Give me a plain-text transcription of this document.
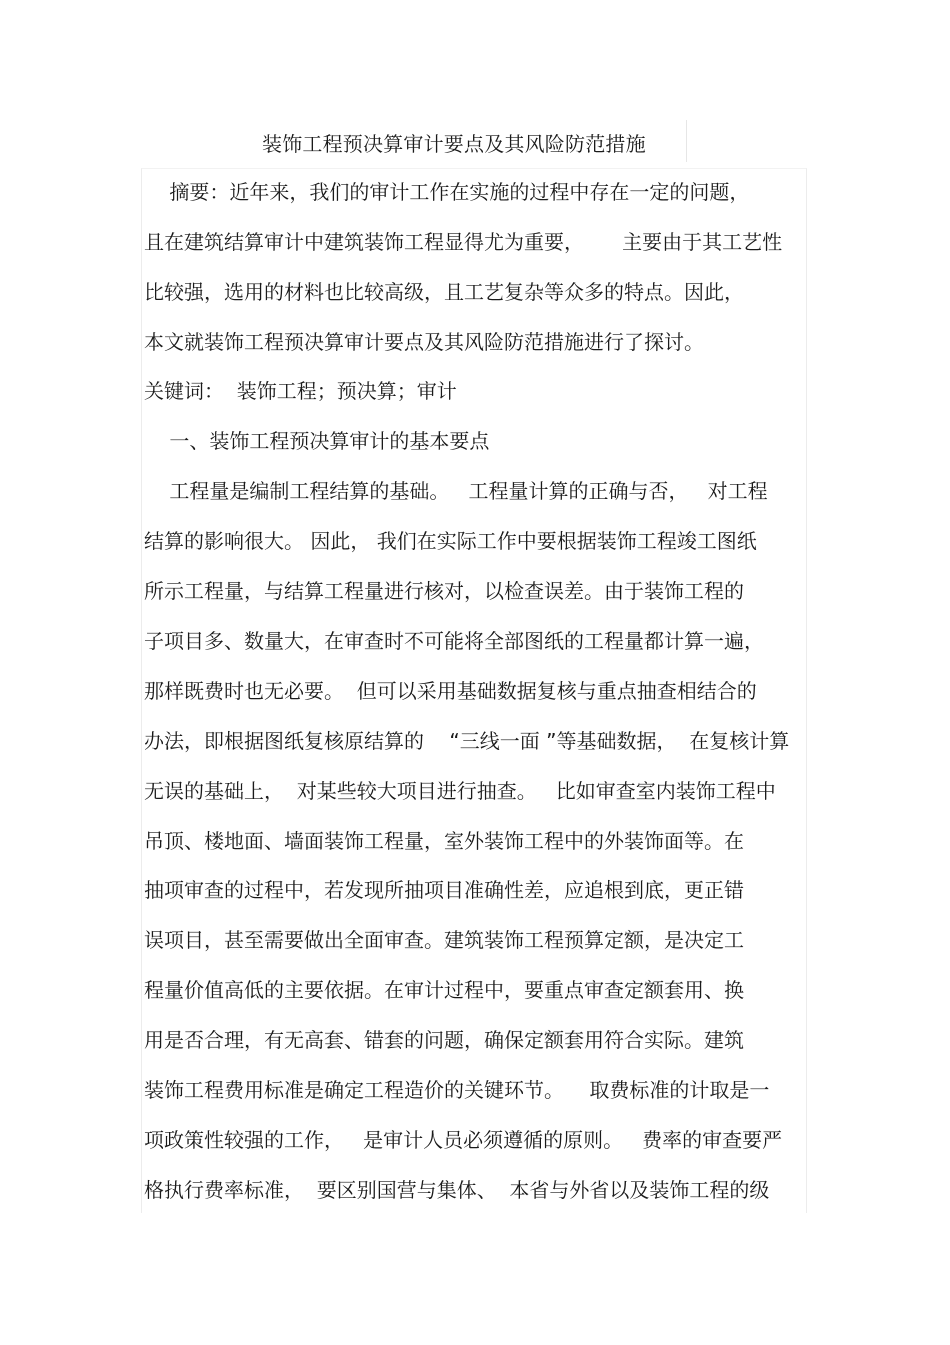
装饰工程预决算审计要点及其风险防范措施
摘要：近年来，我们的审计工作在实施的过程中存在一定的问题，
且在建筑结算审计中建筑装饰工程显得尤为重要，      主要由于其工艺性
比较强，选用的材料也比较高级，且工艺复杂等众多的特点。因此，
本文就装饰工程预决算审计要点及其风险防范措施进行了探讨。
关键词：  装饰工程；预决算；审计
一、装饰工程预决算审计的基本要点
工程量是编制工程结算的基础。   工程量计算的正确与否，   对工程
结算的影响很大。 因此， 我们在实际工作中要根据装饰工程竣工图纸
所示工程量，与结算工程量进行核对，以检查误差。由于装饰工程的
子项目多、数量大，在审查时不可能将全部图纸的工程量都计算一遍，
那样既费时也无必要。  但可以采用基础数据复核与重点抽查相结合的
办法，即根据图纸复核原结算的    “三线一面 ”等基础数据，  在复核计算
无误的基础上，  对某些较大项目进行抽查。   比如审查室内装饰工程中
吊顶、楼地面、墙面装饰工程量，室外装饰工程中的外装饰面等。在
抽项审查的过程中，若发现所抽项目准确性差，应追根到底，更正错
误项目，甚至需要做出全面审查。建筑装饰工程预算定额，是决定工
程量价值高低的主要依据。在审计过程中，要重点审查定额套用、换
用是否合理，有无高套、错套的问题，确保定额套用符合实际。建筑
装饰工程费用标准是确定工程造价的关键环节。    取费标准的计取是一
项政策性较强的工作，   是审计人员必须遵循的原则。   费率的审查要严
格执行费率标准，  要区别国营与集体、  本省与外省以及装饰工程的级
